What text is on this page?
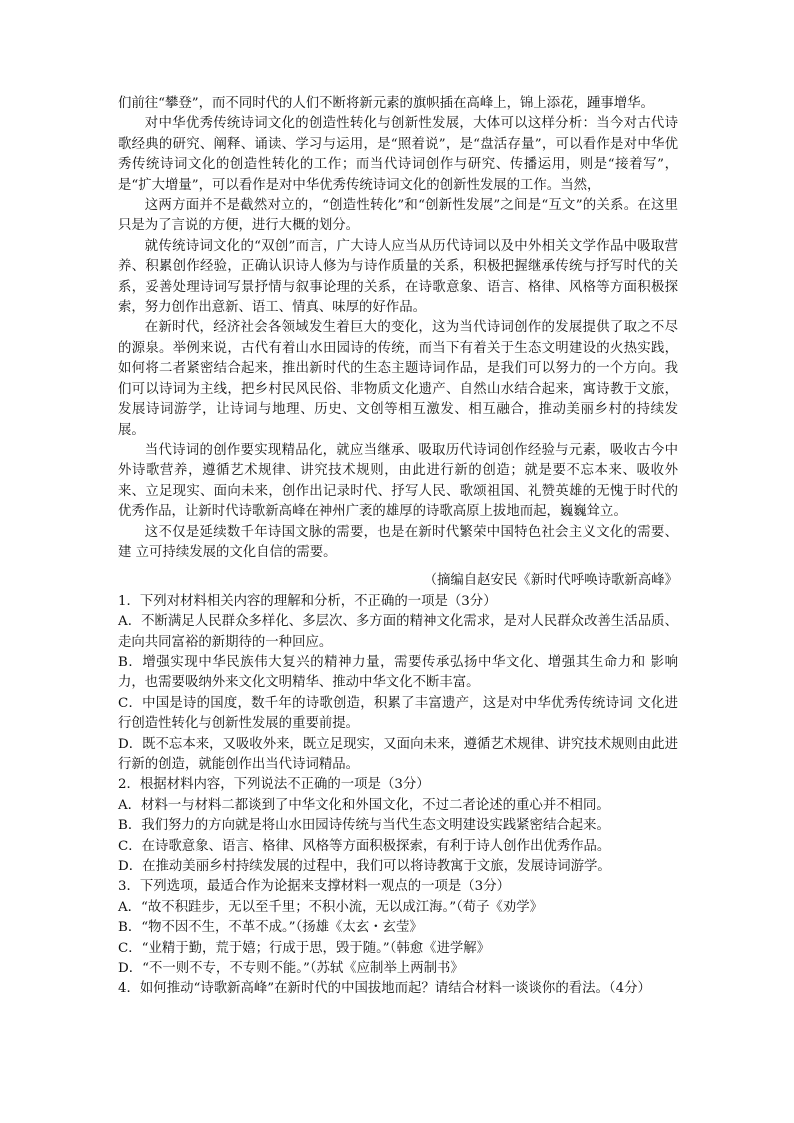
们前往“攀登”，而不同时代的人们不断将新元素的旗帜插在高峰上，锦上添花，踵事增华。

对中华优秀传统诗词文化的创造性转化与创新性发展，大体可以这样分析：当今对古代诗歌经典的研究、阐释、诵读、学习与运用，是“照着说”，是“盘活存量”，可以看作是对中华优秀传统诗词文化的创造性转化的工作；而当代诗词创作与研究、传播运用，则是“接着写”，是“扩大增量”，可以看作是对中华优秀传统诗词文化的创新性发展的工作。当然，

这两方面并不是截然对立的，“创造性转化”和“创新性发展”之间是“互文”的关系。在这里只是为了言说的方便，进行大概的划分。

就传统诗词文化的“双创”而言，广大诗人应当从历代诗词以及中外相关文学作品中吸取营养、积累创作经验，正确认识诗人修为与诗作质量的关系，积极把握继承传统与抒写时代的关系，妥善处理诗词写景抒情与叙事论理的关系，在诗歌意象、语言、格律、风格等方面积极探索，努力创作出意新、语工、情真、味厚的好作品。

在新时代，经济社会各领域发生着巨大的变化，这为当代诗词创作的发展提供了取之不尽的源泉。举例来说，古代有着山水田园诗的传统，而当下有着关于生态文明建设的火热实践，如何将二者紧密结合起来，推出新时代的生态主题诗词作品，是我们可以努力的一个方向。我们可以诗词为主线，把乡村民风民俗、非物质文化遗产、自然山水结合起来，寓诗教于文旅，发展诗词游学，让诗词与地理、历史、文创等相互激发、相互融合，推动美丽乡村的持续发展。

当代诗词的创作要实现精品化，就应当继承、吸取历代诗词创作经验与元素，吸收古今中外诗歌营养，遵循艺术规律、讲究技术规则，由此进行新的创造；就是要不忘本来、吸收外来、立足现实、面向未来，创作出记录时代、抒写人民、歌颂祖国、礼赞英雄的无愧于时代的优秀作品，让新时代诗歌新高峰在神州广袤的雄厚的诗歌高原上拔地而起，巍巍耸立。

这不仅是延续数千年诗国文脉的需要，也是在新时代繁荣中国特色社会主义文化的需要、建 立可持续发展的文化自信的需要。

（摘编自赵安民《新时代呼唤诗歌新高峰》

1．下列对材料相关内容的理解和分析，不正确的一项是（3分）

A．不断满足人民群众多样化、多层次、多方面的精神文化需求，是对人民群众改善生活品质、走向共同富裕的新期待的一种回应。

B．增强实现中华民族伟大复兴的精神力量，需要传承弘扬中华文化、增强其生命力和 影响力，也需要吸纳外来文化文明精华、推动中华文化不断丰富。

C．中国是诗的国度，数千年的诗歌创造，积累了丰富遗产，这是对中华优秀传统诗词 文化进行创造性转化与创新性发展的重要前提。

D．既不忘本来，又吸收外来，既立足现实，又面向未来，遵循艺术规律、讲究技术规则由此进行新的创造，就能创作出当代诗词精品。

2．根据材料内容，下列说法不正确的一项是（3分）

A．材料一与材料二都谈到了中华文化和外国文化，不过二者论述的重心并不相同。

B．我们努力的方向就是将山水田园诗传统与当代生态文明建设实践紧密结合起来。

C．在诗歌意象、语言、格律、风格等方面积极探索，有利于诗人创作出优秀作品。

D．在推动美丽乡村持续发展的过程中，我们可以将诗教寓于文旅，发展诗词游学。

3．下列选项，最适合作为论据来支撑材料一观点的一项是（3分）

A．“故不积跬步，无以至千里；不积小流，无以成江海。”（荀子《劝学》

B．“物不因不生，不革不成。”（扬雄《太玄・玄莹》

C．“业精于勤，荒于嬉；行成于思，毁于随。”（韩愈《进学解》

D．“不一则不专，不专则不能。”（苏轼《应制举上两制书》

4．如何推动“诗歌新高峰”在新时代的中国拔地而起？请结合材料一谈谈你的看法。（4分）
